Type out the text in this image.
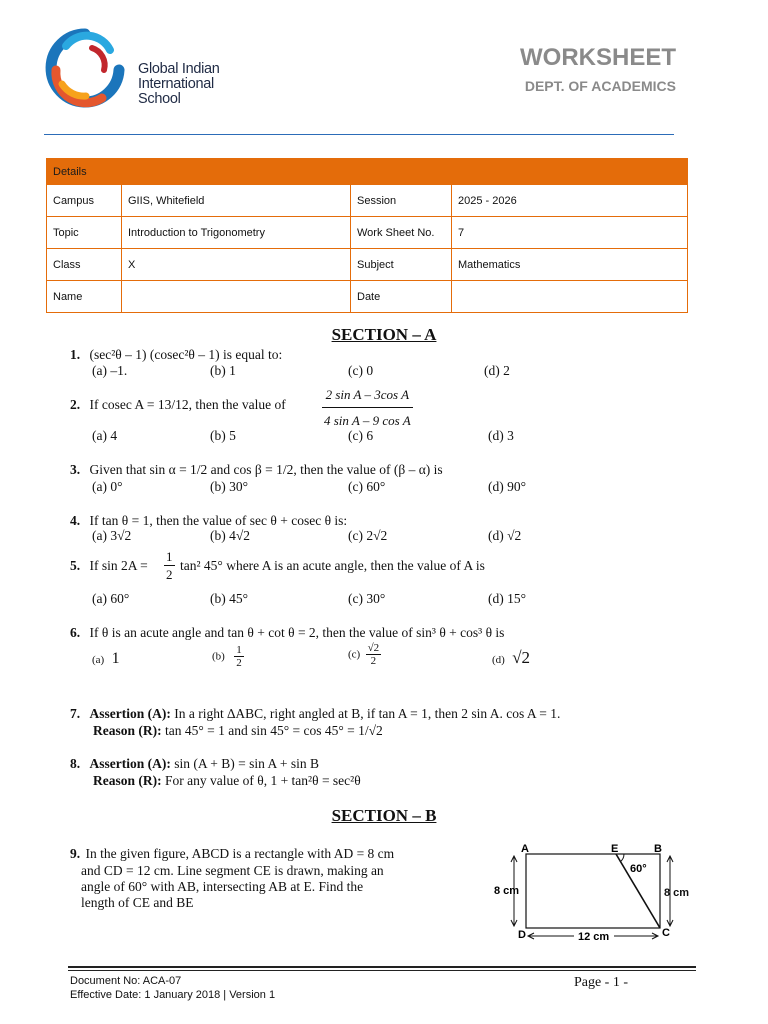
Global Indian
International
School
WORKSHEET
DEPT. OF ACADEMICS
Details			
Campus	GIIS, Whitefield	Session	2025 - 2026
Topic	Introduction to Trigonometry	Work Sheet No.	7
Class	X	Subject	Mathematics
Name		Date	
SECTION – A
1. (sec²θ – 1) (cosec²θ – 1) is equal to:
(a) –1.	(b) 1	(c) 0	(d) 2
2. If cosec A = 13/12, then the value of	$\frac{\text{2 sin A – 3cos A}}{\text{4 sin A – 9 cos A}}$
(a) 4	(b) 5	(c) 6	(d) 3
3. Given that sin α = 1/2 and cos β = 1/2, then the value of (β – α) is
(a) 0°	(b) 30°	(c) 60°	(d) 90°
4. If tan θ = 1, then the value of sec θ + cosec θ is:
(a) 3√2	(b) 4√2	(c) 2√2	(d) √2
5. If $\sin 2A = \frac{1}{2} \tan^2$ 45° where A is an acute angle, then the value of A is
(a) 60°	(b) 45°	(c) 30°	(d) 15°
6. If θ is an acute angle and tan θ + cot θ = 2, then the value of sin³ θ + cos³ θ is
(a) 1	$(b) \frac{1}{2}$	$(c) \frac{√2}{2}$	(d) √2
7. Assertion (A): In a right ∆ABC, right angled at B, if tan A = 1, then 2 sin A. cos A = 1.
Reason (R): tan 45° = 1 and sin 45° = cos 45° = 1/√2
8. Assertion (A): sin (A + B) = sin A + sin B
Reason (R): For any value of θ, 1 + tan²θ = sec²θ
SECTION – B
9. In the given figure, ABCD is a rectangle with AD = 8 cm
and CD = 12 cm. Line segment CE is drawn, making an
angle of 60° with AB, intersecting AB at E. Find the
length of CE and BE
A	E	B
C
D
60°
8 cm	8 cm
12 cm
Document No: ACA-07
Effective Date: 1 January 2018 | Version 1
Page - 1 -
